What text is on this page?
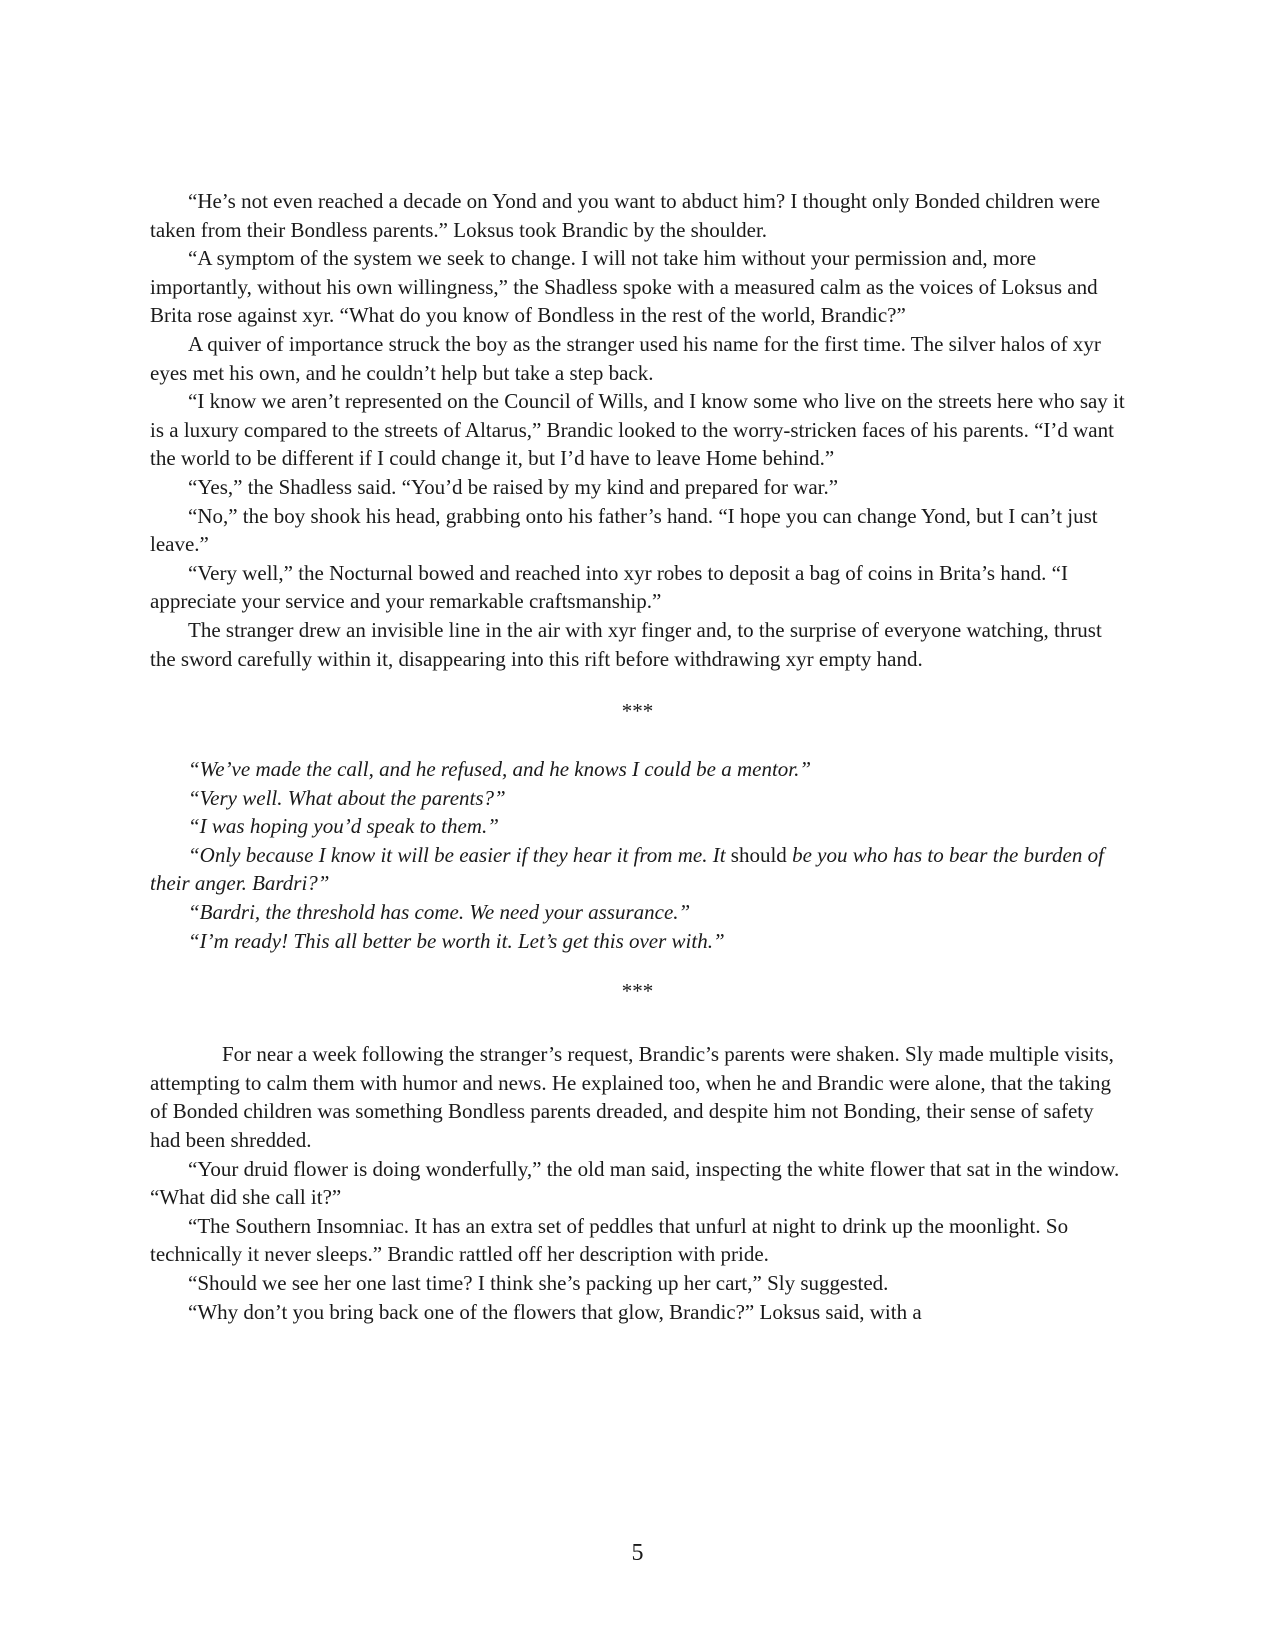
“He’s not even reached a decade on Yond and you want to abduct him? I thought only Bonded children were taken from their Bondless parents.” Loksus took Brandic by the shoulder.

“A symptom of the system we seek to change. I will not take him without your permission and, more importantly, without his own willingness,” the Shadless spoke with a measured calm as the voices of Loksus and Brita rose against xyr. “What do you know of Bondless in the rest of the world, Brandic?”

A quiver of importance struck the boy as the stranger used his name for the first time. The silver halos of xyr eyes met his own, and he couldn’t help but take a step back.

“I know we aren’t represented on the Council of Wills, and I know some who live on the streets here who say it is a luxury compared to the streets of Altarus,” Brandic looked to the worry-stricken faces of his parents. “I’d want the world to be different if I could change it, but I’d have to leave Home behind.”

“Yes,” the Shadless said. “You’d be raised by my kind and prepared for war.”

“No,” the boy shook his head, grabbing onto his father’s hand. “I hope you can change Yond, but I can’t just leave.”

“Very well,” the Nocturnal bowed and reached into xyr robes to deposit a bag of coins in Brita’s hand. “I appreciate your service and your remarkable craftsmanship.”

The stranger drew an invisible line in the air with xyr finger and, to the surprise of everyone watching, thrust the sword carefully within it, disappearing into this rift before withdrawing xyr empty hand.

***

“We’ve made the call, and he refused, and he knows I could be a mentor.”

“Very well. What about the parents?”

“I was hoping you’d speak to them.”

“Only because I know it will be easier if they hear it from me. It should be you who has to bear the burden of their anger. Bardri?”

“Bardri, the threshold has come. We need your assurance.”

“I’m ready! This all better be worth it. Let’s get this over with.”

***

For near a week following the stranger’s request, Brandic’s parents were shaken. Sly made multiple visits, attempting to calm them with humor and news. He explained too, when he and Brandic were alone, that the taking of Bonded children was something Bondless parents dreaded, and despite him not Bonding, their sense of safety had been shredded.

“Your druid flower is doing wonderfully,” the old man said, inspecting the white flower that sat in the window. “What did she call it?”

“The Southern Insomniac. It has an extra set of peddles that unfurl at night to drink up the moonlight. So technically it never sleeps.” Brandic rattled off her description with pride.

“Should we see her one last time? I think she’s packing up her cart,” Sly suggested.

“Why don’t you bring back one of the flowers that glow, Brandic?” Loksus said, with a

5
